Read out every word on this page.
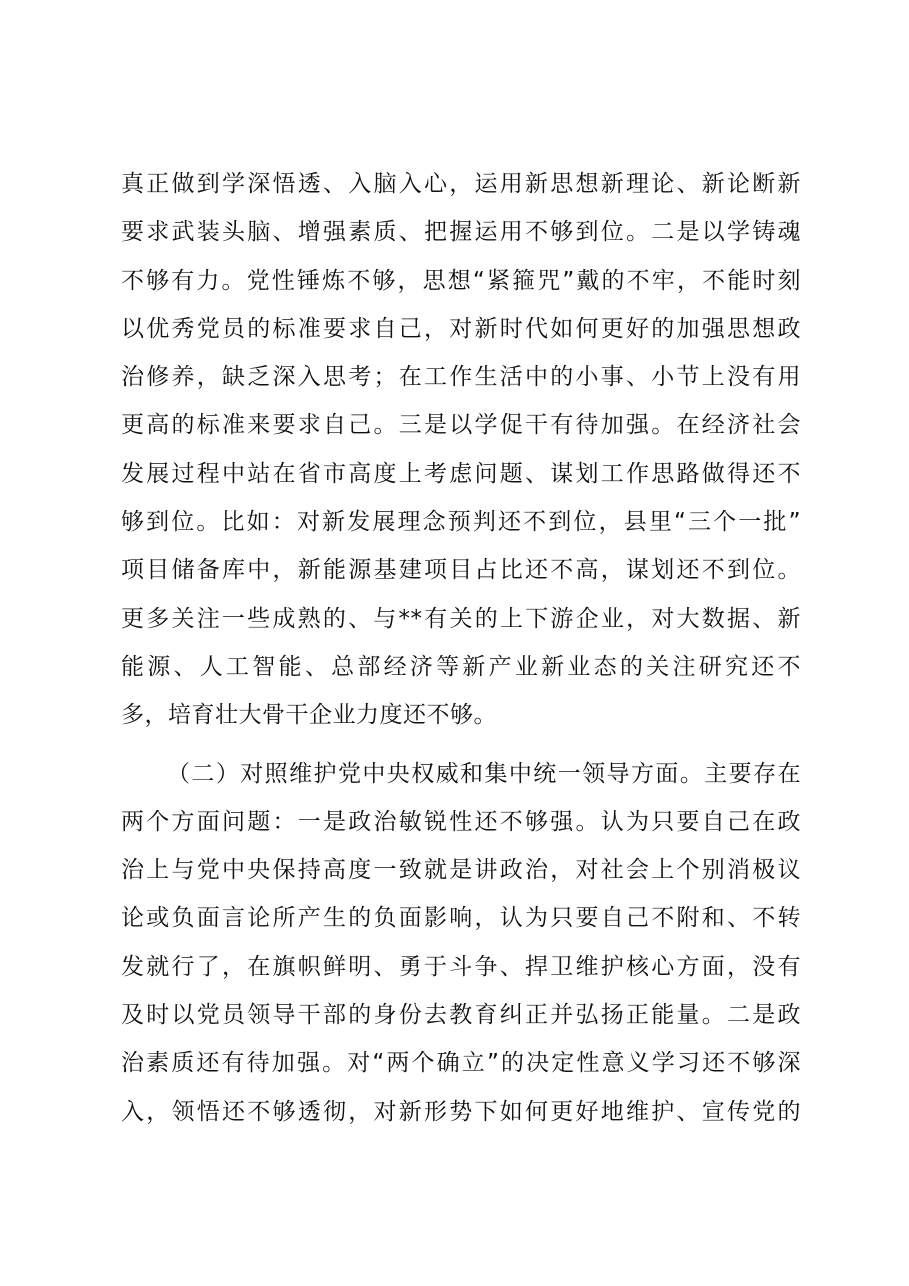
真正做到学深悟透、入脑入心，运用新思想新理论、新论断新
要求武装头脑、增强素质、把握运用不够到位。二是以学铸魂
不够有力。党性锤炼不够，思想“紧箍咒”戴的不牢，不能时刻
以优秀党员的标准要求自己，对新时代如何更好的加强思想政
治修养，缺乏深入思考；在工作生活中的小事、小节上没有用
更高的标准来要求自己。三是以学促干有待加强。在经济社会
发展过程中站在省市高度上考虑问题、谋划工作思路做得还不
够到位。比如：对新发展理念预判还不到位，县里“三个一批”
项目储备库中，新能源基建项目占比还不高，谋划还不到位。
更多关注一些成熟的、与**有关的上下游企业，对大数据、新
能源、人工智能、总部经济等新产业新业态的关注研究还不
多，培育壮大骨干企业力度还不够。
（二）对照维护党中央权威和集中统一领导方面。主要存在
两个方面问题：一是政治敏锐性还不够强。认为只要自己在政
治上与党中央保持高度一致就是讲政治，对社会上个别消极议
论或负面言论所产生的负面影响，认为只要自己不附和、不转
发就行了，在旗帜鲜明、勇于斗争、捍卫维护核心方面，没有
及时以党员领导干部的身份去教育纠正并弘扬正能量。二是政
治素质还有待加强。对“两个确立”的决定性意义学习还不够深
入，领悟还不够透彻，对新形势下如何更好地维护、宣传党的
